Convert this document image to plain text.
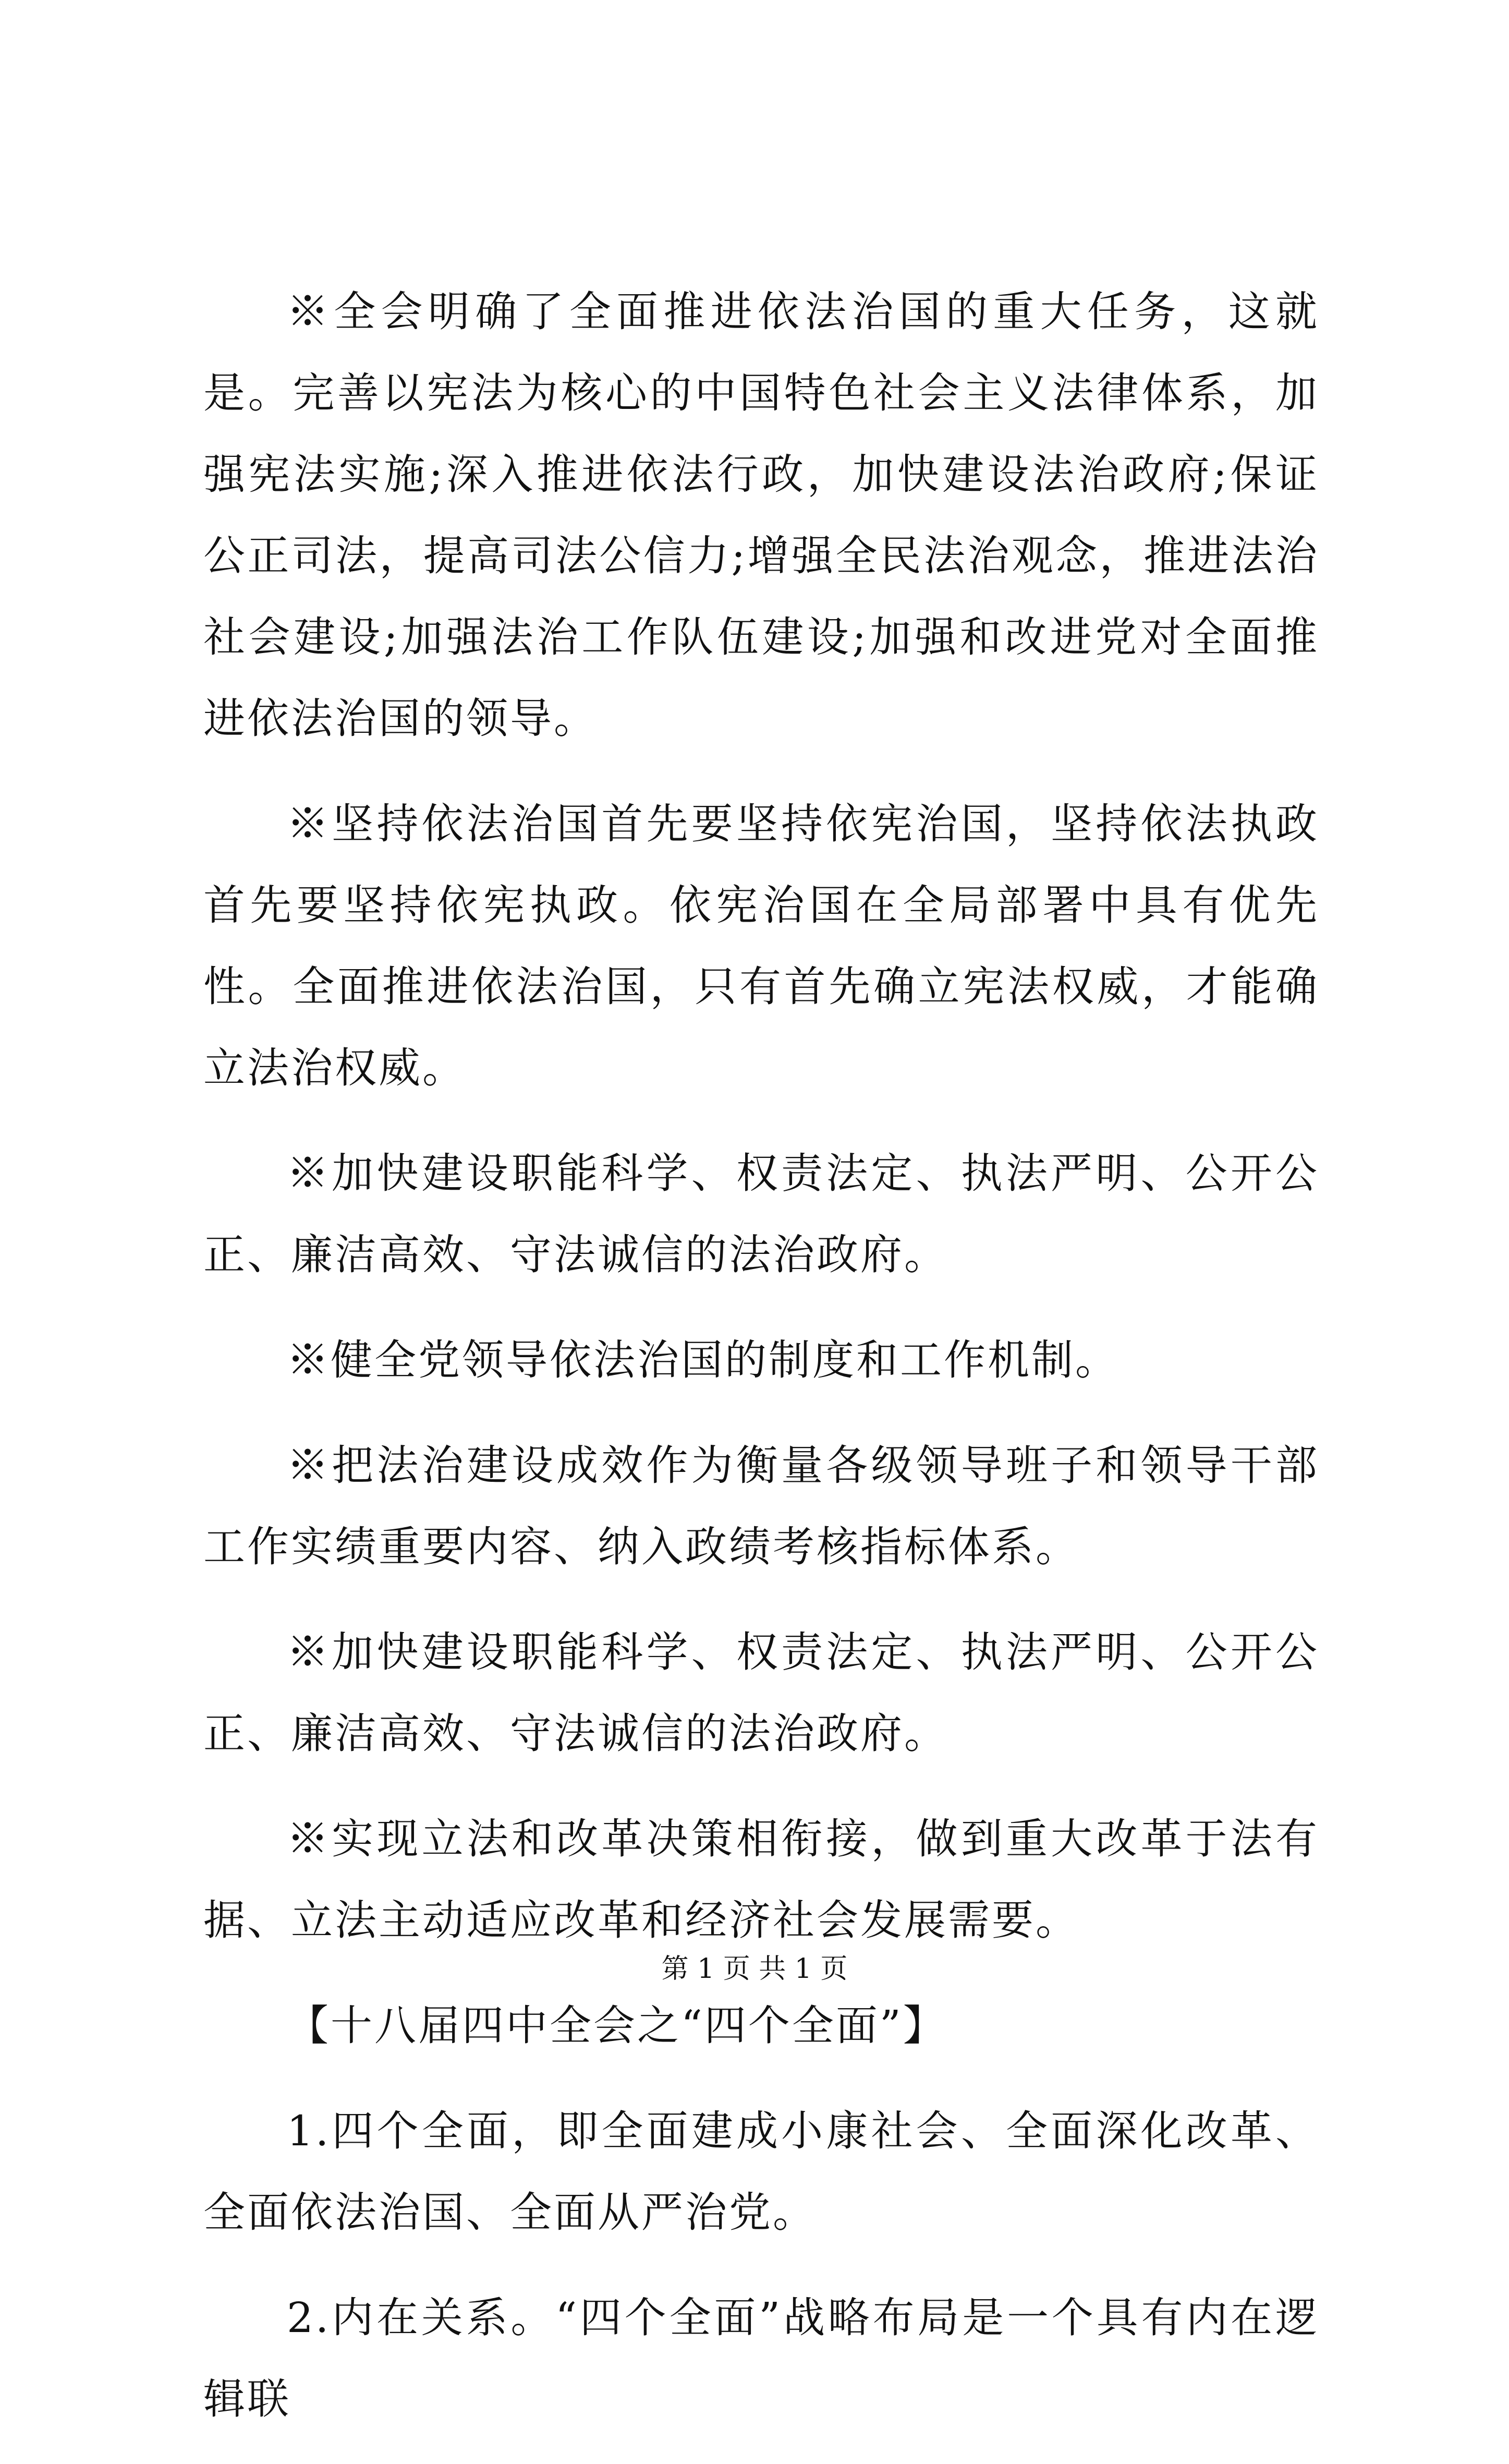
※全会明确了全面推进依法治国的重大任务，这就是。完善以宪法为核心的中国特色社会主义法律体系，加强宪法实施;深入推进依法行政，加快建设法治政府;保证公正司法，提高司法公信力;增强全民法治观念，推进法治社会建设;加强法治工作队伍建设;加强和改进党对全面推进依法治国的领导。

※坚持依法治国首先要坚持依宪治国，坚持依法执政首先要坚持依宪执政。依宪治国在全局部署中具有优先性。全面推进依法治国，只有首先确立宪法权威，才能确立法治权威。

※加快建设职能科学、权责法定、执法严明、公开公正、廉洁高效、守法诚信的法治政府。

※健全党领导依法治国的制度和工作机制。

※把法治建设成效作为衡量各级领导班子和领导干部工作实绩重要内容、纳入政绩考核指标体系。

※加快建设职能科学、权责法定、执法严明、公开公正、廉洁高效、守法诚信的法治政府。

※实现立法和改革决策相衔接，做到重大改革于法有据、立法主动适应改革和经济社会发展需要。

【十八届四中全会之“四个全面”】

1.四个全面，即全面建成小康社会、全面深化改革、全面依法治国、全面从严治党。

2.内在关系。“四个全面”战略布局是一个具有内在逻辑联

第 1 页 共 1 页
